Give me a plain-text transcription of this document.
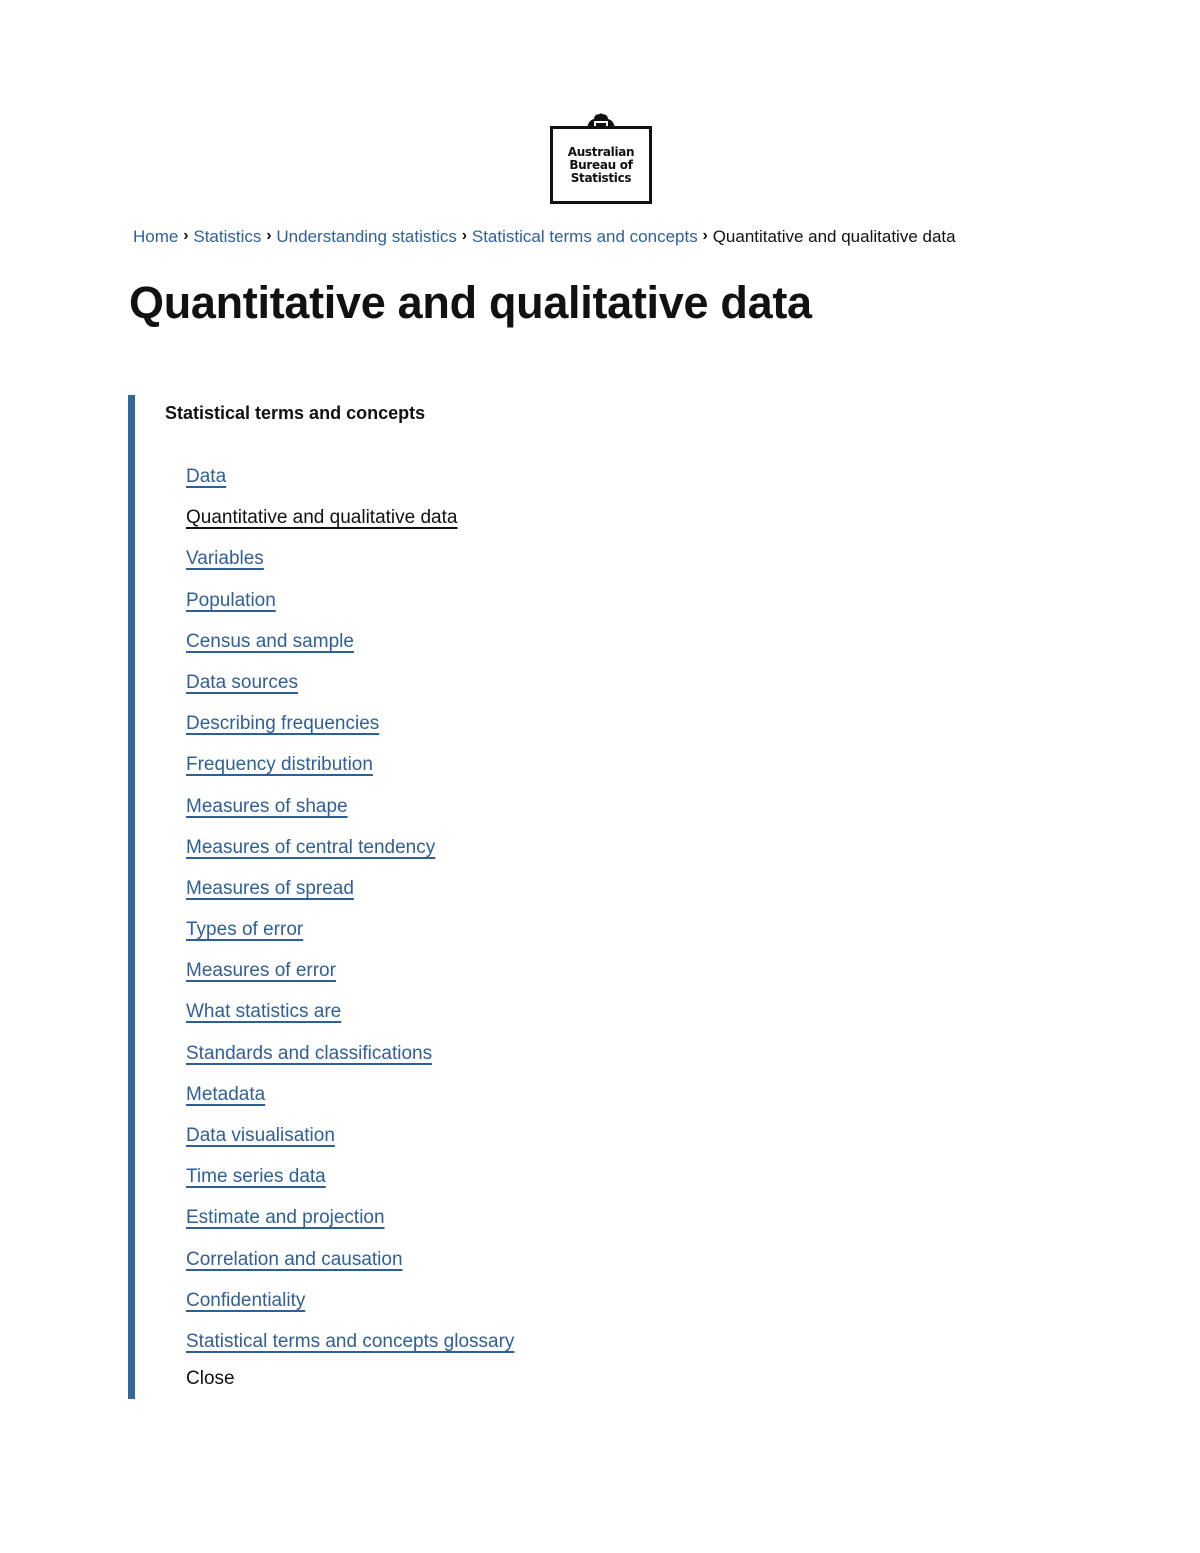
Australian
Bureau of
Statistics
Home › Statistics › Understanding statistics › Statistical terms and concepts › Quantitative and qualitative data
Quantitative and qualitative data
Statistical terms and concepts
Data
Quantitative and qualitative data
Variables
Population
Census and sample
Data sources
Describing frequencies
Frequency distribution
Measures of shape
Measures of central tendency
Measures of spread
Types of error
Measures of error
What statistics are
Standards and classifications
Metadata
Data visualisation
Time series data
Estimate and projection
Correlation and causation
Confidentiality
Statistical terms and concepts glossary
Close
